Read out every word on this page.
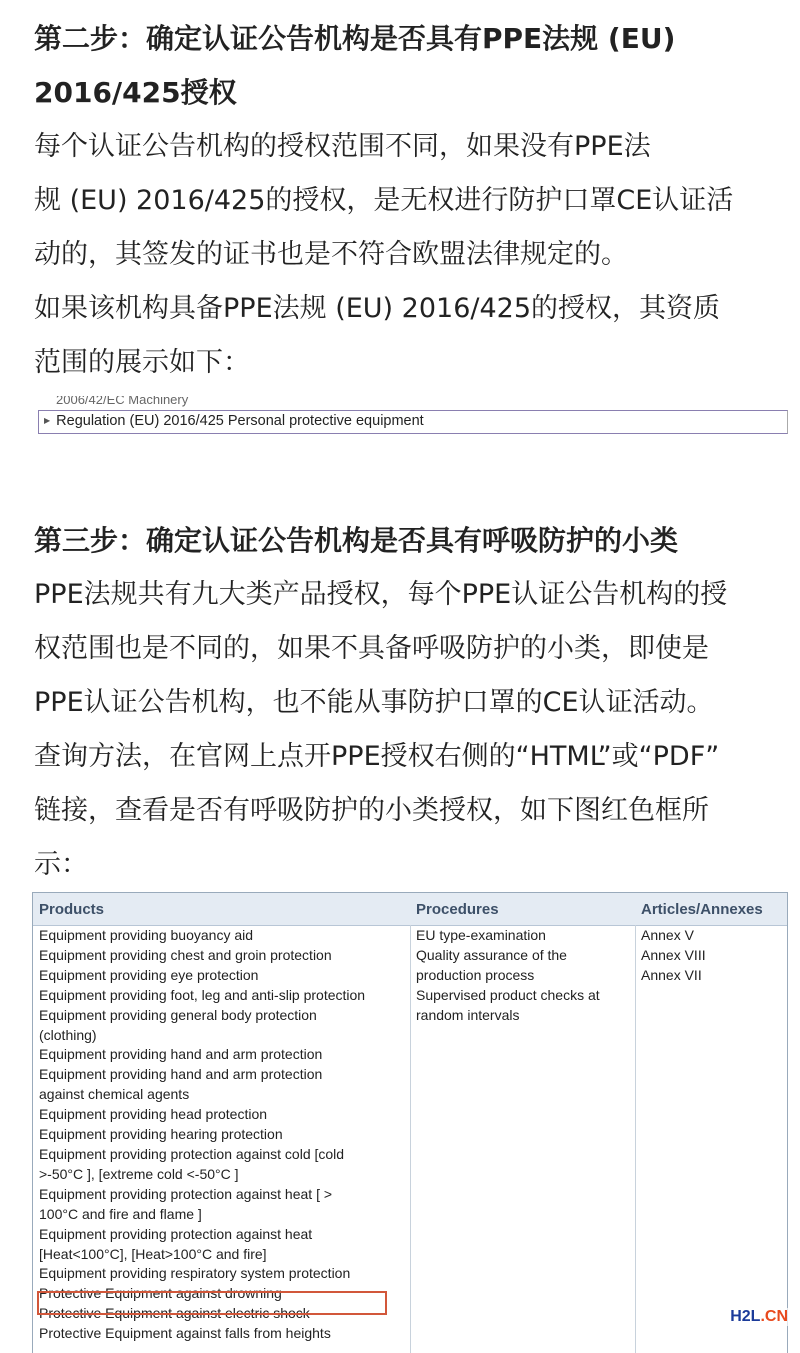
第二步：确定认证公告机构是否具有PPE法规 (EU)

2016/425授权

每个认证公告机构的授权范围不同，如果没有PPE法

规 (EU) 2016/425的授权，是无权进行防护口罩CE认证活

动的，其签发的证书也是不符合欧盟法律规定的。

如果该机构具备PPE法规 (EU) 2016/425的授权，其资质

范围的展示如下：

2006/42/EC Machinery
▶ Regulation (EU) 2016/425 Personal protective equipment

第三步：确定认证公告机构是否具有呼吸防护的小类

PPE法规共有九大类产品授权，每个PPE认证公告机构的授

权范围也是不同的，如果不具备呼吸防护的小类，即使是

PPE认证公告机构，也不能从事防护口罩的CE认证活动。

查询方法，在官网上点开PPE授权右侧的“HTML”或“PDF”

链接，查看是否有呼吸防护的小类授权，如下图红色框所

示：

Products	Procedures	Articles/Annexes
Equipment providing buoyancy aid
Equipment providing chest and groin protection
Equipment providing eye protection
Equipment providing foot, leg and anti-slip protection
Equipment providing general body protection
(clothing)
Equipment providing hand and arm protection
Equipment providing hand and arm protection
against chemical agents
Equipment providing head protection
Equipment providing hearing protection
Equipment providing protection against cold [cold
>-50°C ], [extreme cold <-50°C ]
Equipment providing protection against heat [ >
100°C and fire and flame ]
Equipment providing protection against heat
[Heat<100°C], [Heat>100°C and fire]
Equipment providing respiratory system protection
Protective Equipment against drowning
Protective Equipment against electric shock
Protective Equipment against falls from heights
EU type-examination
Quality assurance of the
production process
Supervised product checks at
random intervals
Annex V
Annex VIII
Annex VII
H2L.CN
